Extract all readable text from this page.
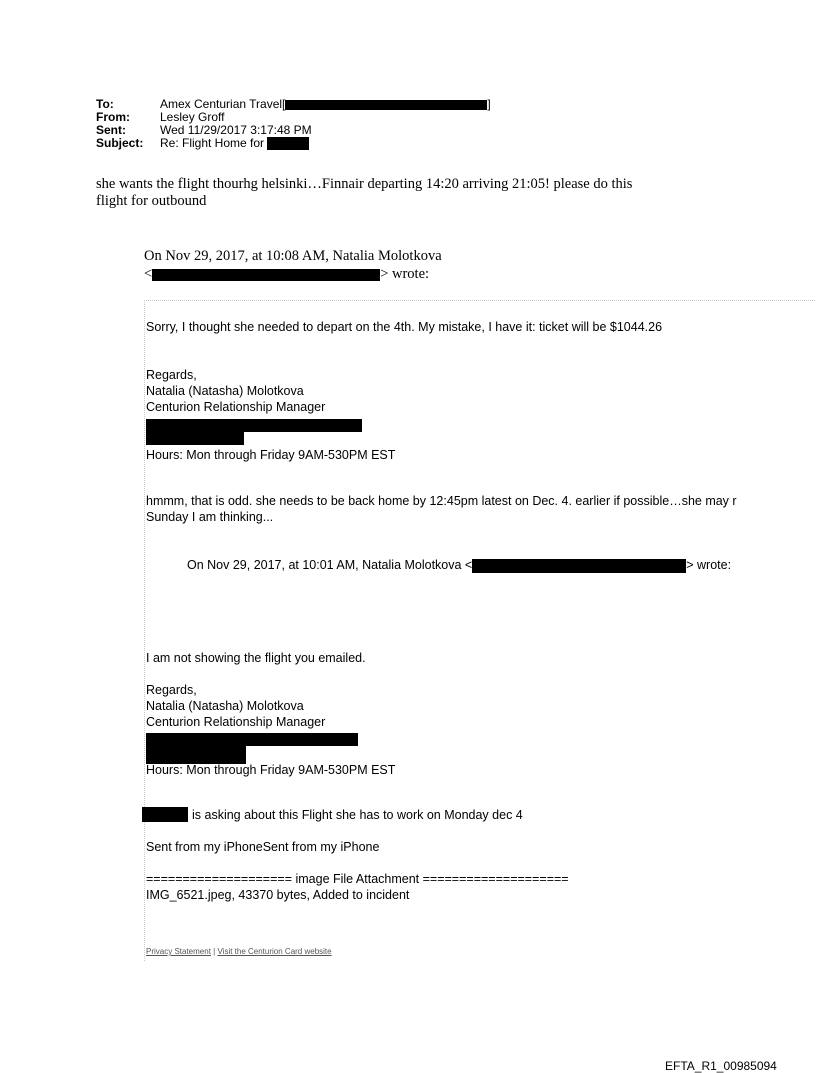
To:	Amex Centurian Travel[	]
From:	Lesley Groff
Sent:	Wed 11/29/2017 3:17:48 PM
Subject: Re: Flight Home for
she wants the flight thourhg helsinki…Finnair departing 14:20 arriving 21:05! please do this
flight for outbound
On Nov 29, 2017, at 10:08 AM, Natalia Molotkova
<	> wrote:
Sorry, I thought she needed to depart on the 4th. My mistake, I have it: ticket will be $1044.26
Regards,
Natalia (Natasha) Molotkova
Centurion Relationship Manager
Hours: Mon through Friday 9AM-530PM EST
hmmm, that is odd. she needs to be back home by 12:45pm latest on Dec. 4. earlier if possible…she may r
Sunday I am thinking...
On Nov 29, 2017, at 10:01 AM, Natalia Molotkova <	> wrote:
I am not showing the flight you emailed.
Regards,
Natalia (Natasha) Molotkova
Centurion Relationship Manager
Hours: Mon through Friday 9AM-530PM EST
is asking about this Flight she has to work on Monday dec 4
Sent from my iPhoneSent from my iPhone
==================== image File Attachment ====================
IMG_6521.jpeg, 43370 bytes, Added to incident
Privacy Statement | Visit the Centurion Card website
EFTA_R1_00985094
